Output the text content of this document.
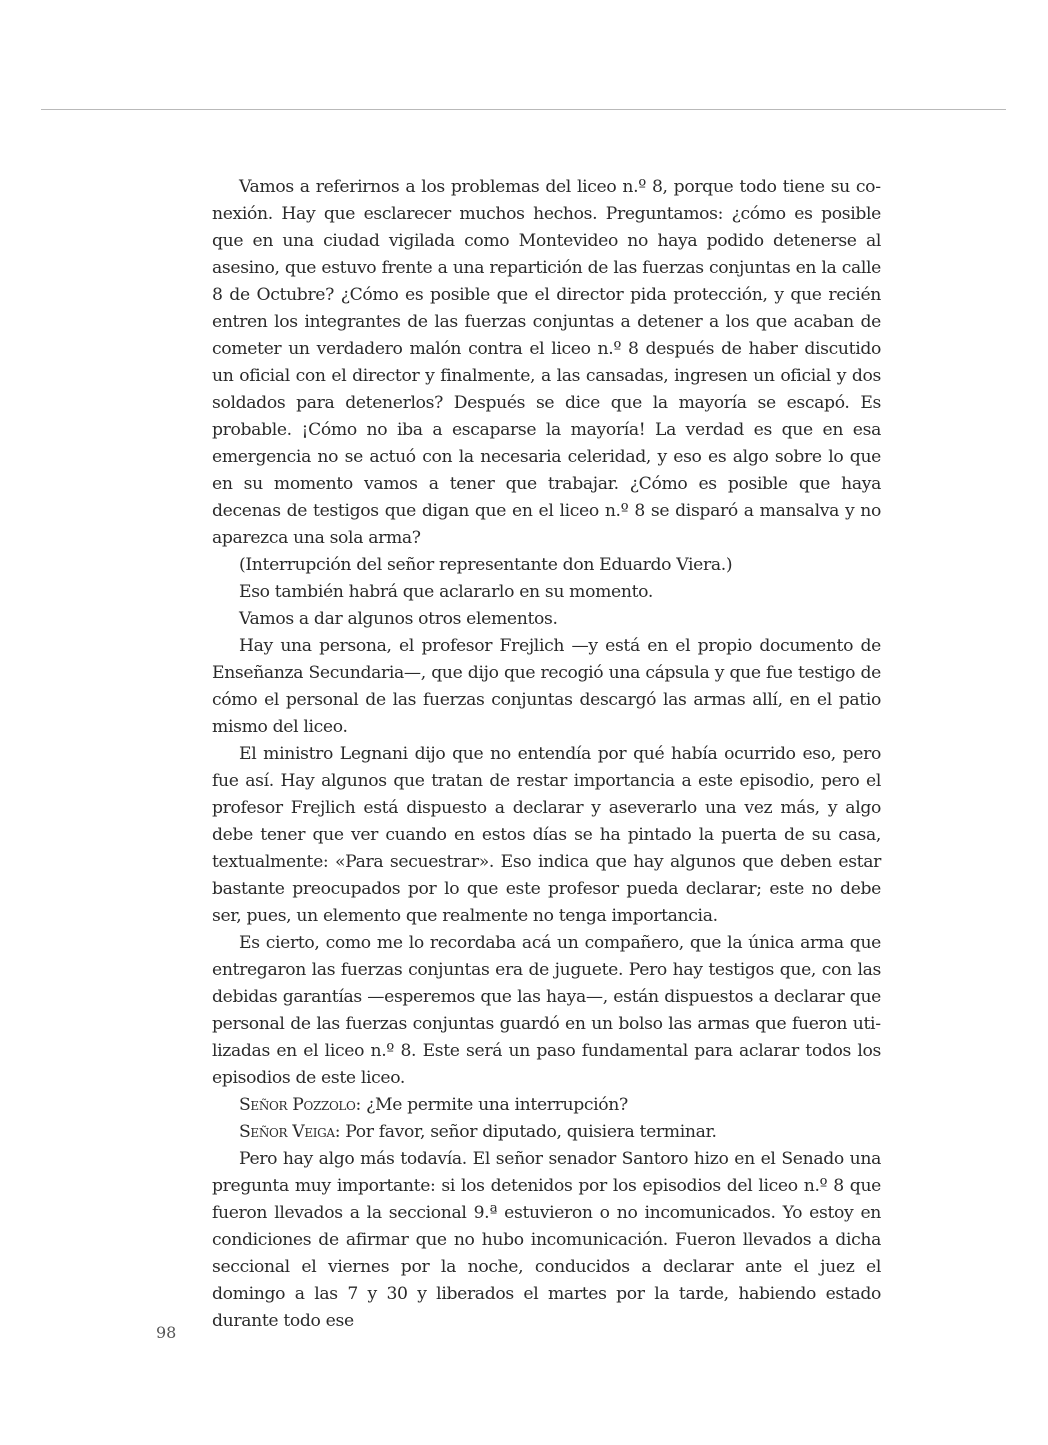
Vamos a referirnos a los problemas del liceo n.º 8, porque todo tiene su conexión. Hay que esclarecer muchos hechos. Preguntamos: ¿cómo es posible que en una ciudad vigilada como Montevideo no haya podido detenerse al asesino, que estuvo frente a una repartición de las fuerzas conjuntas en la calle 8 de Octubre? ¿Cómo es posible que el director pida protección, y que recién entren los integrantes de las fuerzas conjuntas a detener a los que acaban de cometer un verdadero malón contra el liceo n.º 8 después de haber discutido un oficial con el director y finalmente, a las cansadas, ingresen un oficial y dos soldados para detenerlos? Después se dice que la mayoría se escapó. Es probable. ¡Cómo no iba a escaparse la mayoría! La verdad es que en esa emergencia no se actuó con la necesaria celeridad, y eso es algo sobre lo que en su momento vamos a tener que trabajar. ¿Cómo es posible que haya decenas de testigos que digan que en el liceo n.º 8 se disparó a mansalva y no aparezca una sola arma?

(Interrupción del señor representante don Eduardo Viera.)

Eso también habrá que aclararlo en su momento.

Vamos a dar algunos otros elementos.

Hay una persona, el profesor Frejlich —y está en el propio documento de Enseñanza Secundaria—, que dijo que recogió una cápsula y que fue testigo de cómo el personal de las fuerzas conjuntas descargó las armas allí, en el patio mismo del liceo.

El ministro Legnani dijo que no entendía por qué había ocurrido eso, pero fue así. Hay algunos que tratan de restar importancia a este episodio, pero el profesor Frejlich está dispuesto a declarar y aseverarlo una vez más, y algo debe tener que ver cuando en estos días se ha pintado la puerta de su casa, textualmente: «Para secuestrar». Eso indica que hay algunos que deben estar bastante preocupados por lo que este profesor pueda declarar; este no debe ser, pues, un elemento que realmente no tenga importancia.

Es cierto, como me lo recordaba acá un compañero, que la única arma que entregaron las fuerzas conjuntas era de juguete. Pero hay testigos que, con las debidas garantías —esperemos que las haya—, están dispuestos a declarar que personal de las fuerzas conjuntas guardó en un bolso las armas que fueron utilizadas en el liceo n.º 8. Este será un paso fundamental para aclarar todos los episodios de este liceo.

Señor Pozzolo: ¿Me permite una interrupción?

Señor Veiga: Por favor, señor diputado, quisiera terminar.

Pero hay algo más todavía. El señor senador Santoro hizo en el Senado una pregunta muy importante: si los detenidos por los episodios del liceo n.º 8 que fueron llevados a la seccional 9.ª estuvieron o no incomunicados. Yo estoy en condiciones de afirmar que no hubo incomunicación. Fueron llevados a dicha seccional el viernes por la noche, conducidos a declarar ante el juez el domingo a las 7 y 30 y liberados el martes por la tarde, habiendo estado durante todo ese

98
